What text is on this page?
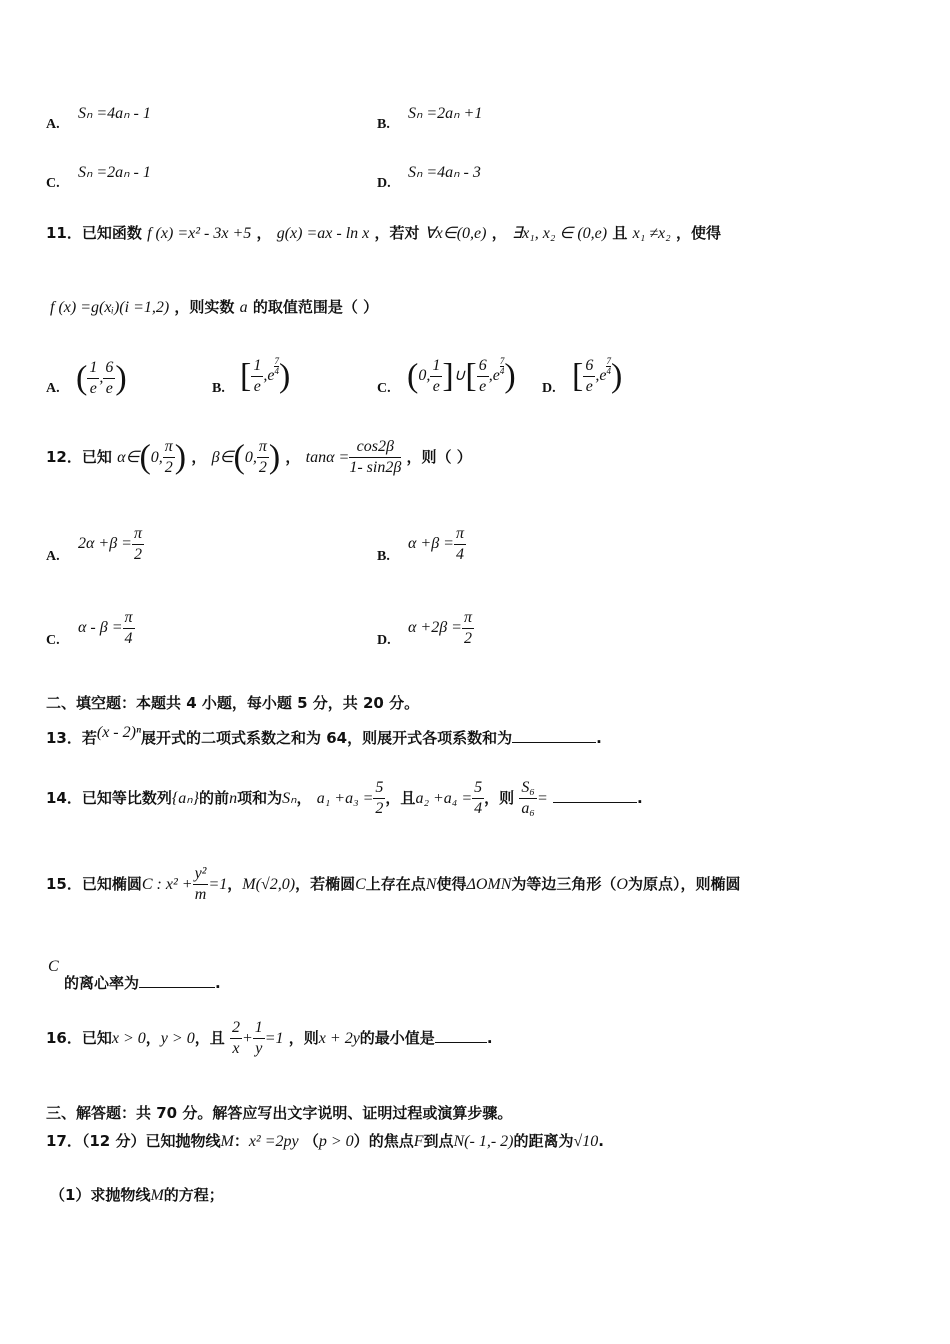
A.
Sₙ =4aₙ - 1
B.
Sₙ =2aₙ +1
C.
Sₙ =2aₙ - 1
D.
Sₙ =4aₙ - 3
11．已知函数 f (x) =x² - 3x +5 ， g(x) =ax - ln x ，若对 ∀x∈(0,e) ， ∃x₁, x₂ ∈ (0,e) 且 x₁ ≠x₂ ，使得
f (x) =g(xᵢ)(i =1,2) ，则实数 a 的取值范围是（ ）
A. ( $\frac{1}{e}$ , $\frac{6}{e}$ )	B. [ $\frac{1}{e} ,e$ $^{\frac{7}{4}}$ )	C. (0, $\frac{1}{e}$ ]∪[ $\frac{6}{e} ,e$ $^{\frac{7}{4}}$ ) D. [ $\frac{6}{e} ,e$ $^{\frac{7}{4}}$ )
12．已知 α∈(0, $\frac{\pi}{2}$ ) ， β∈(0, $\frac{\pi}{2}$ ) ， $\tan\alpha = \frac{\cos 2\beta}{1- \sin 2\beta}$ ，则（ ）
A.
$2\alpha +\beta = \frac{\pi}{2}$	B.
$\alpha +\beta = \frac{\pi}{4}$
C.
$\alpha - \beta = \frac{\pi}{4}$	D.
$\alpha +2\beta = \frac{\pi}{2}$
二、填空题：本题共 4 小题，每小题 5 分，共 20 分。
13．若(x - 2)ⁿ展开式的二项式系数之和为 64，则展开式各项系数和为	.
14．已知等比数列{aₙ}的前n项和为Sₙ， $a_1 +a_3 = \frac{5}{2}$ ，且$a_2 +a_4 = \frac{5}{4}$ ，则 $\frac{\text{S₆}}{\text{a₆}}$ =	.
15．已知椭圆C : $x^2 + \frac{\text{y²}}{m} =1$，M(√2,0)，若椭圆C上存在点N使得ΔOMN为等边三角形（O为原点），则椭圆
C
的离心率为	.
16．已知x > 0，y > 0，且 $\frac{2}{x} + \frac{1}{y} =1$ ，则x + 2y的最小值是	.
三、解答题：共 70 分。解答应写出文字说明、证明过程或演算步骤。
17．（12 分）已知抛物线M：x² =2py （p > 0）的焦点F到点N(- 1,- 2)的距离为√10.
（1）求抛物线M的方程；
